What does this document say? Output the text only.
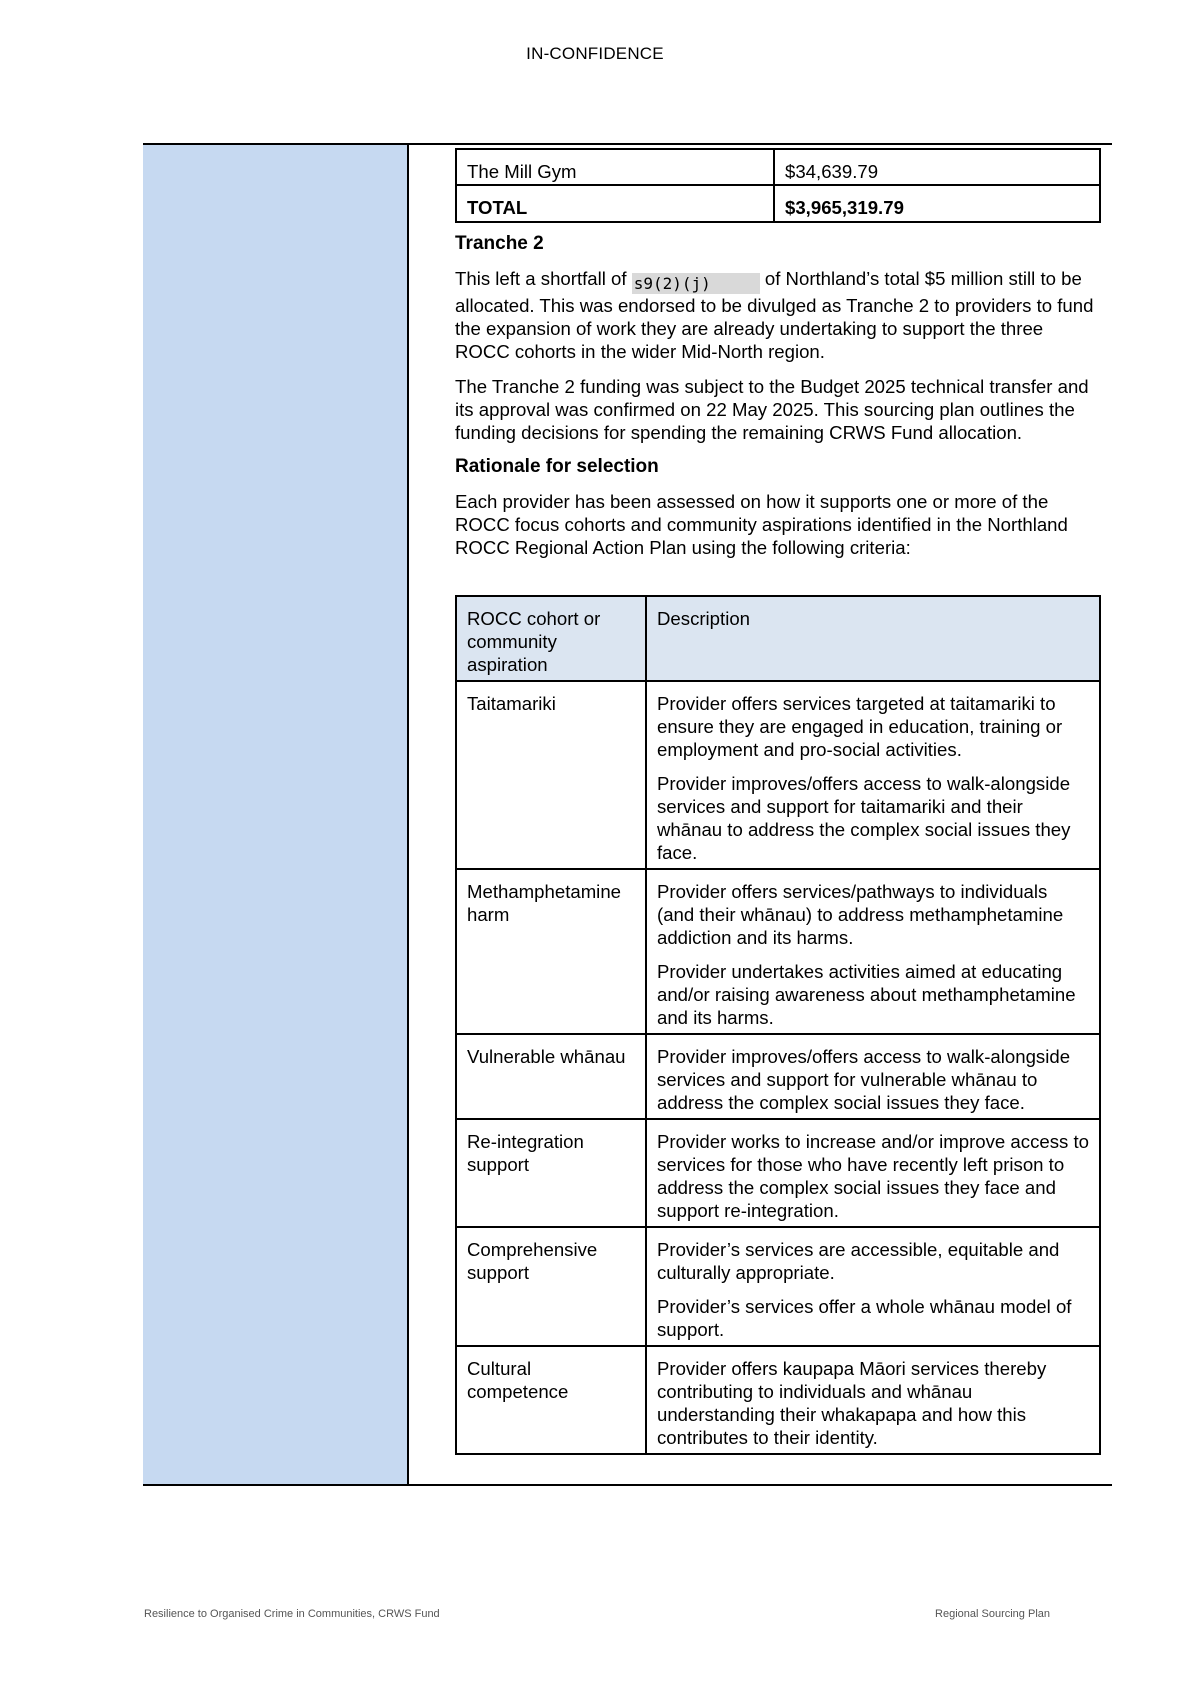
IN-CONFIDENCE
The Mill Gym	$34,639.79
TOTAL	$3,965,319.79
Tranche 2

This left a shortfall of s9(2)(j)	of Northland’s total $5 million still to be allocated. This was endorsed to be divulged as Tranche 2 to providers to fund the expansion of work they are already undertaking to support the three ROCC cohorts in the wider Mid-North region.

The Tranche 2 funding was subject to the Budget 2025 technical transfer and its approval was confirmed on 22 May 2025. This sourcing plan outlines the funding decisions for spending the remaining CRWS Fund allocation.

Rationale for selection

Each provider has been assessed on how it supports one or more of the ROCC focus cohorts and community aspirations identified in the Northland ROCC Regional Action Plan using the following criteria:

ROCC cohort or community aspiration	Description
Taitamariki	Provider offers services targeted at taitamariki to ensure they are engaged in education, training or employment and pro-social activities.

Provider improves/offers access to walk-alongside services and support for taitamariki and their whānau to address the complex social issues they face.

Methamphetamine harm	Provider offers services/pathways to individuals (and their whānau) to address methamphetamine addiction and its harms.

Provider undertakes activities aimed at educating and/or raising awareness about methamphetamine and its harms.

Vulnerable whānau	Provider improves/offers access to walk-alongside services and support for vulnerable whānau to address the complex social issues they face.

Re-integration support	Provider works to increase and/or improve access to services for those who have recently left prison to address the complex social issues they face and support re-integration.

Comprehensive support	Provider’s services are accessible, equitable and culturally appropriate.

Provider’s services offer a whole whānau model of support.

Cultural competence	Provider offers kaupapa Māori services thereby contributing to individuals and whānau understanding their whakapapa and how this contributes to their identity.

Resilience to Organised Crime in Communities, CRWS Fund	Regional Sourcing Plan
